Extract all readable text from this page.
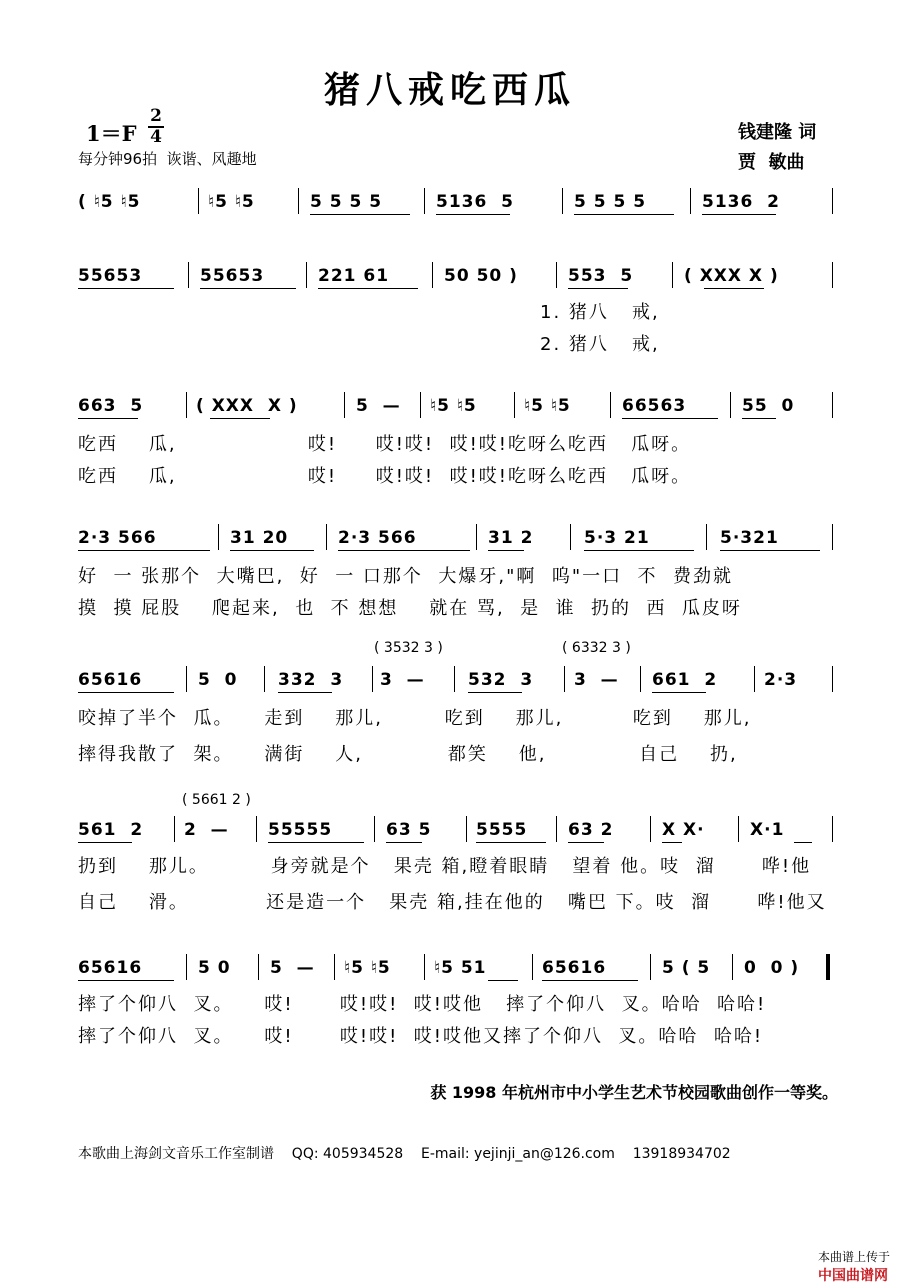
猪八戒吃西瓜
1＝F
2
4	钱建隆 词
贾  敏曲
每分钟96拍  诙谐、风趣地
( ♮5 ♮5	♮5 ♮5	5 5 5 5	5136  5	5 5 5 5	5136  2
55653	55653	221 61	50 50 )	553  5	( XXX X )
1. 猪八   戒,
2. 猪八   戒,
663  5	( XXX  X )	5  — ♮5 ♮5	♮5 ♮5	66563	55  0
吃西    瓜,                 哎!     哎!哎!  哎!哎!吃呀么吃西   瓜呀。
吃西    瓜,                 哎!     哎!哎!  哎!哎!吃呀么吃西   瓜呀。
2·3 566	31 20	2·3 566	31 2	5·3 21	5·321
好  一 张那个  大嘴巴,  好  一 口那个  大爆牙,"啊  呜"一口  不  费劲就
摸  摸 屁股    爬起来,  也  不 想想    就在 骂,  是  谁  扔的  西  瓜皮呀
( 3532 3 )	( 6332 3 )
65616	5  0 332  3 3  —	532  3 3  — 661  2	2·3
咬掉了半个  瓜。    走到    那儿,        吃到    那儿,         吃到    那儿,
摔得我散了  架。    满街    人,           都笑    他,            自己    扔,
( 5661 2 )
561  2 2  — 55555	63 5	5555 63 2	X X·	X·1
扔到    那儿。        身旁就是个   果壳 箱,瞪着眼睛   望着 他。吱  溜      哗!他
自己    滑。          还是造一个   果壳 箱,挂在他的   嘴巴 下。吱  溜      哗!他又
65616	5 0 5  — ♮5 ♮5	♮5 51	65616	5 ( 5 0  0 )
摔了个仰八  叉。    哎!      哎!哎!  哎!哎他   摔了个仰八  叉。哈哈  哈哈!
摔了个仰八  叉。    哎!      哎!哎!  哎!哎他又摔了个仰八  叉。哈哈  哈哈!
获 1998 年杭州市中小学生艺术节校园歌曲创作一等奖。
本歌曲上海剑文音乐工作室制谱    QQ: 405934528    E-mail: yejinji_an@126.com    13918934702

本曲谱上传于
中国曲谱网
